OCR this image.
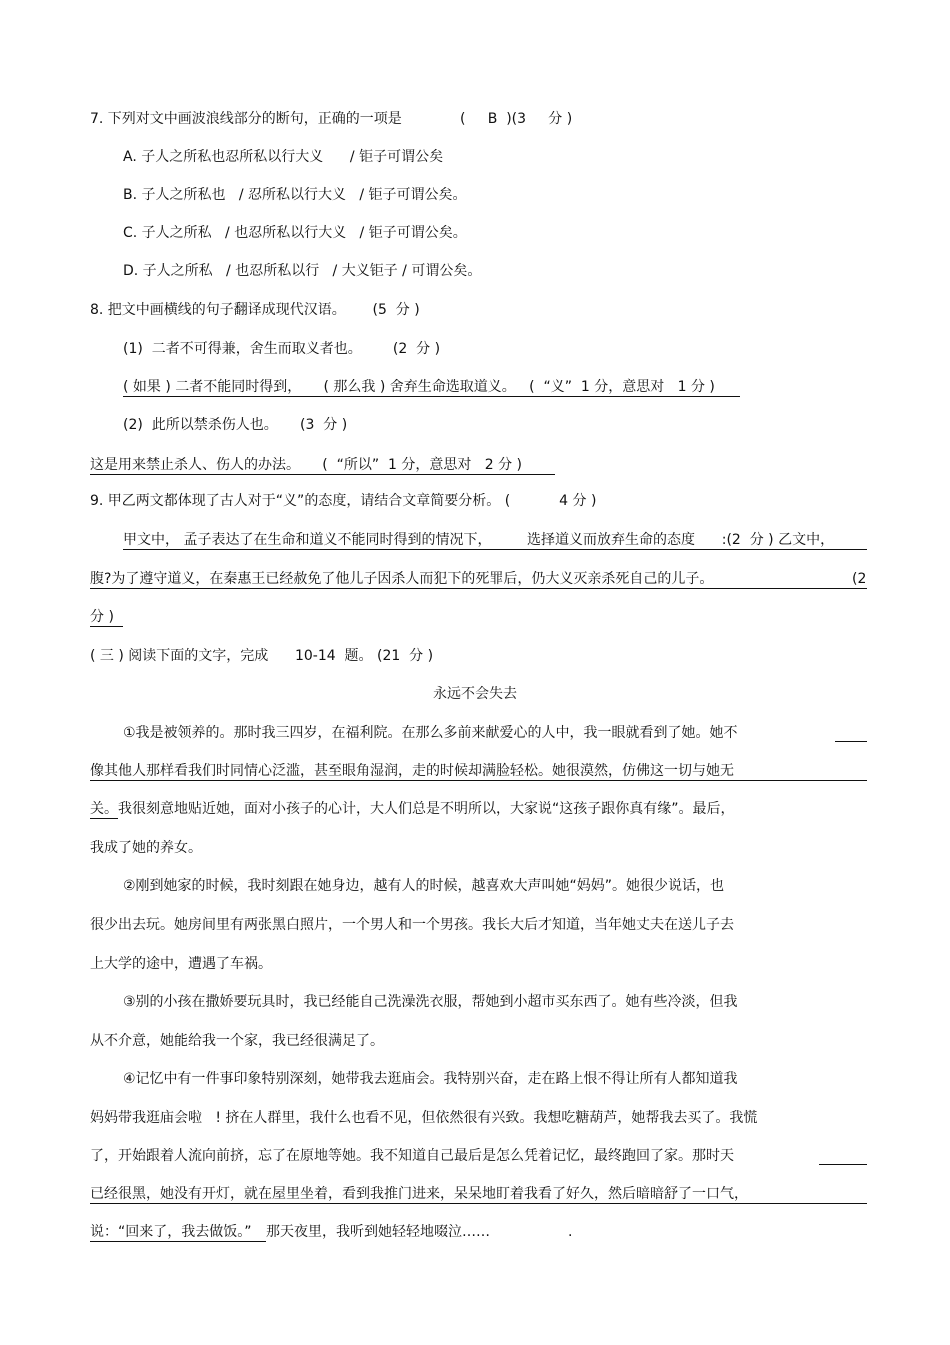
7. 下列对文中画波浪线部分的断句，正确的一项是	(     B  )(3     分 )
A. 子人之所私也忍所私以行大义      / 钜子可谓公矣
B. 子人之所私也   / 忍所私以行大义   / 钜子可谓公矣。
C. 子人之所私   / 也忍所私以行大义   / 钜子可谓公矣。
D. 子人之所私   / 也忍所私以行   / 大义钜子 / 可谓公矣。
8. 把文中画横线的句子翻译成现代汉语。      (5  分 )
(1)  二者不可得兼，舍生而取义者也。       (2  分 )
( 如果 ) 二者不能同时得到，     ( 那么我 ) 舍弃生命选取道义。   (  “义”  1 分，意思对   1 分 )
(2)  此所以禁杀伤人也。     (3  分 )
这是用来禁止杀人、伤人的办法。     (  “所以”  1 分，意思对   2 分 )
9. 甲乙两文都体现了古人对于“义”的态度，请结合文章简要分析。 (           4 分 )
甲文中， 孟子表达了在生命和道义不能同时得到的情况下，        选择道义而放弃生命的态度      :(2  分 ) 乙文中，
腹?为了遵守道义，在秦惠王已经赦免了他儿子因杀人而犯下的死罪后，仍大义灭亲杀死自己的儿子。	(2
分 )
( 三 ) 阅读下面的文字，完成      10-14  题。 (21  分 )
永远不会失去
①我是被领养的。那时我三四岁，在福利院。在那么多前来献爱心的人中，我一眼就看到了她。她不
像其他人那样看我们时同情心泛滥，甚至眼角湿润，走的时候却满脸轻松。她很漠然，仿佛这一切与她无
关。 我很刻意地贴近她，面对小孩子的心计，大人们总是不明所以，大家说“这孩子跟你真有缘”。最后，
我成了她的养女。
②刚到她家的时候，我时刻跟在她身边，越有人的时候，越喜欢大声叫她“妈妈”。她很少说话，也
很少出去玩。她房间里有两张黑白照片，一个男人和一个男孩。我长大后才知道，当年她丈夫在送儿子去
上大学的途中，遭遇了车祸。
③别的小孩在撒娇要玩具时，我已经能自己洗澡洗衣服，帮她到小超市买东西了。她有些冷淡，但我
从不介意，她能给我一个家，我已经很满足了。
④记忆中有一件事印象特别深刻，她带我去逛庙会。我特别兴奋，走在路上恨不得让所有人都知道我
妈妈带我逛庙会啦   ! 挤在人群里，我什么也看不见，但依然很有兴致。我想吃糖葫芦，她帮我去买了。我慌
了，开始跟着人流向前挤，忘了在原地等她。我不知道自己最后是怎么凭着记忆，最终跑回了家。那时天
已经很黑，她没有开灯，就在屋里坐着，看到我推门进来，呆呆地盯着我看了好久，然后暗暗舒了一口气，
说：“回来了，我去做饭。”	那天夜里，我听到她轻轻地啜泣……	.
